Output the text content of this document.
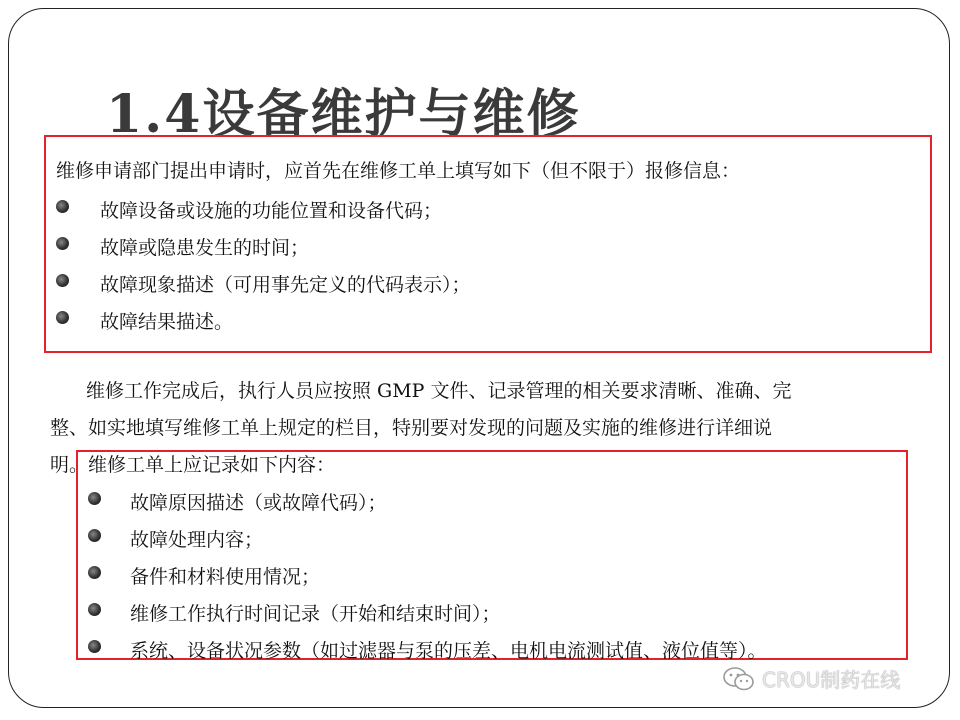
1.4设备维护与维修
维修申请部门提出申请时，应首先在维修工单上填写如下（但不限于）报修信息：
故障设备或设施的功能位置和设备代码；
故障或隐患发生的时间；
故障现象描述（可用事先定义的代码表示）；
故障结果描述。
维修工作完成后，执行人员应按照 GMP 文件、记录管理的相关要求清晰、准确、完
整、如实地填写维修工单上规定的栏目，特别要对发现的问题及实施的维修进行详细说
明。维修工单上应记录如下内容：
故障原因描述（或故障代码）；
故障处理内容；
备件和材料使用情况；
维修工作执行时间记录（开始和结束时间）；
系统、设备状况参数（如过滤器与泵的压差、电机电流测试值、液位值等）。
CROU制药在线
